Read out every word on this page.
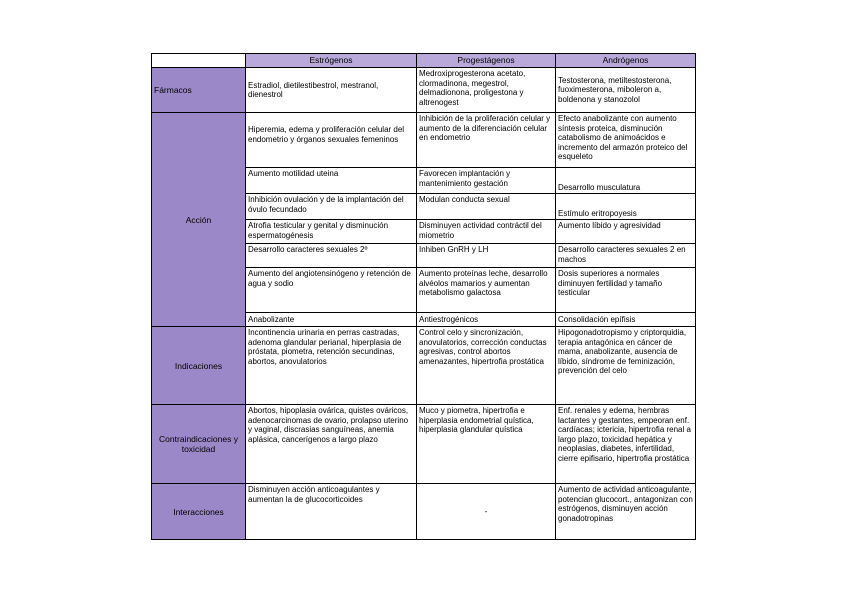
	Estrógenos	Progestágenos	Andrógenos
Fármacos	Estradiol, dietilestibestrol, mestranol, dienestrol	Medroxiprogesterona acetato, clormadinona, megestrol, delmadionona, proligestona y altrenogest	Testosterona, metiltestosterona, fuoximesterona, miboleron a, boldenona y stanozolol
Acción	Hiperemia, edema y proliferación celular del endometrio y órganos sexuales femeninos	Inhibición de la proliferación celular y aumento de la diferenciación celular en endometrio	Efecto anabolizante con aumento síntesis proteica, disminución catabolismo de animoácidos e incremento del armazón proteico del esqueleto
	Aumento motilidad uteina	Favorecen implantación y mantenimiento gestación	Desarrollo musculatura
	Inhibición ovulación y de la implantación del óvulo fecundado	Modulan conducta sexual	Estímulo eritropoyesis
	Atrofia testicular y genital y disminución espermatogénesis	Disminuyen actividad contráctil del miometrio	Aumento líbido y agresividad
	Desarrollo caracteres sexuales 2º	Inhiben GnRH y LH	Desarrollo caracteres sexuales 2 en machos
	Aumento del angiotensinógeno y retención de agua y sodio	Aumento proteínas leche, desarrollo alvéolos mamarios y aumentan metabolismo galactosa	Dosis superiores a normales diminuyen fertilidad y tamaño testicular
	Anabolizante	Antiestrogénicos	Consolidación epífisis
Indicaciones	Incontinencia urinaria en perras castradas, adenoma glandular perianal, hiperplasia de próstata, piometra, retención secundinas, abortos, anovulatorios	Control celo y sincronización, anovulatorios, corrección conductas agresivas, control abortos amenazantes, hipertrofia prostática	Hipogonadotropismo y criptorquidia, terapia antagónica en cáncer de mama, anabolizante, ausencia de líbido, síndrome de feminización, prevención del celo
Contraindicaciones y toxicidad	Abortos, hipoplasia ovárica, quistes ováricos, adenocarcinomas de ovario, prolapso uterino y vaginal, discrasias sanguíneas, anemia aplásica, cancerígenos a largo plazo	Muco y piometra, hipertrofia e hiperplasia endometrial quística, hiperplasia glandular quística	Enf. renales y edema, hembras lactantes y gestantes, empeoran enf. cardíacas; ictericia, hipertrofia renal a largo plazo, toxicidad hepática y neoplasias, diabetes, infertilidad, cierre epifisario, hipertrofia prostática
Interacciones	Disminuyen acción anticoagulantes y aumentan la de glucocorticoides	-	Aumento de actividad anticoagulante, potencian glucocort., antagonizan con estrógenos, disminuyen acción gonadotropinas
